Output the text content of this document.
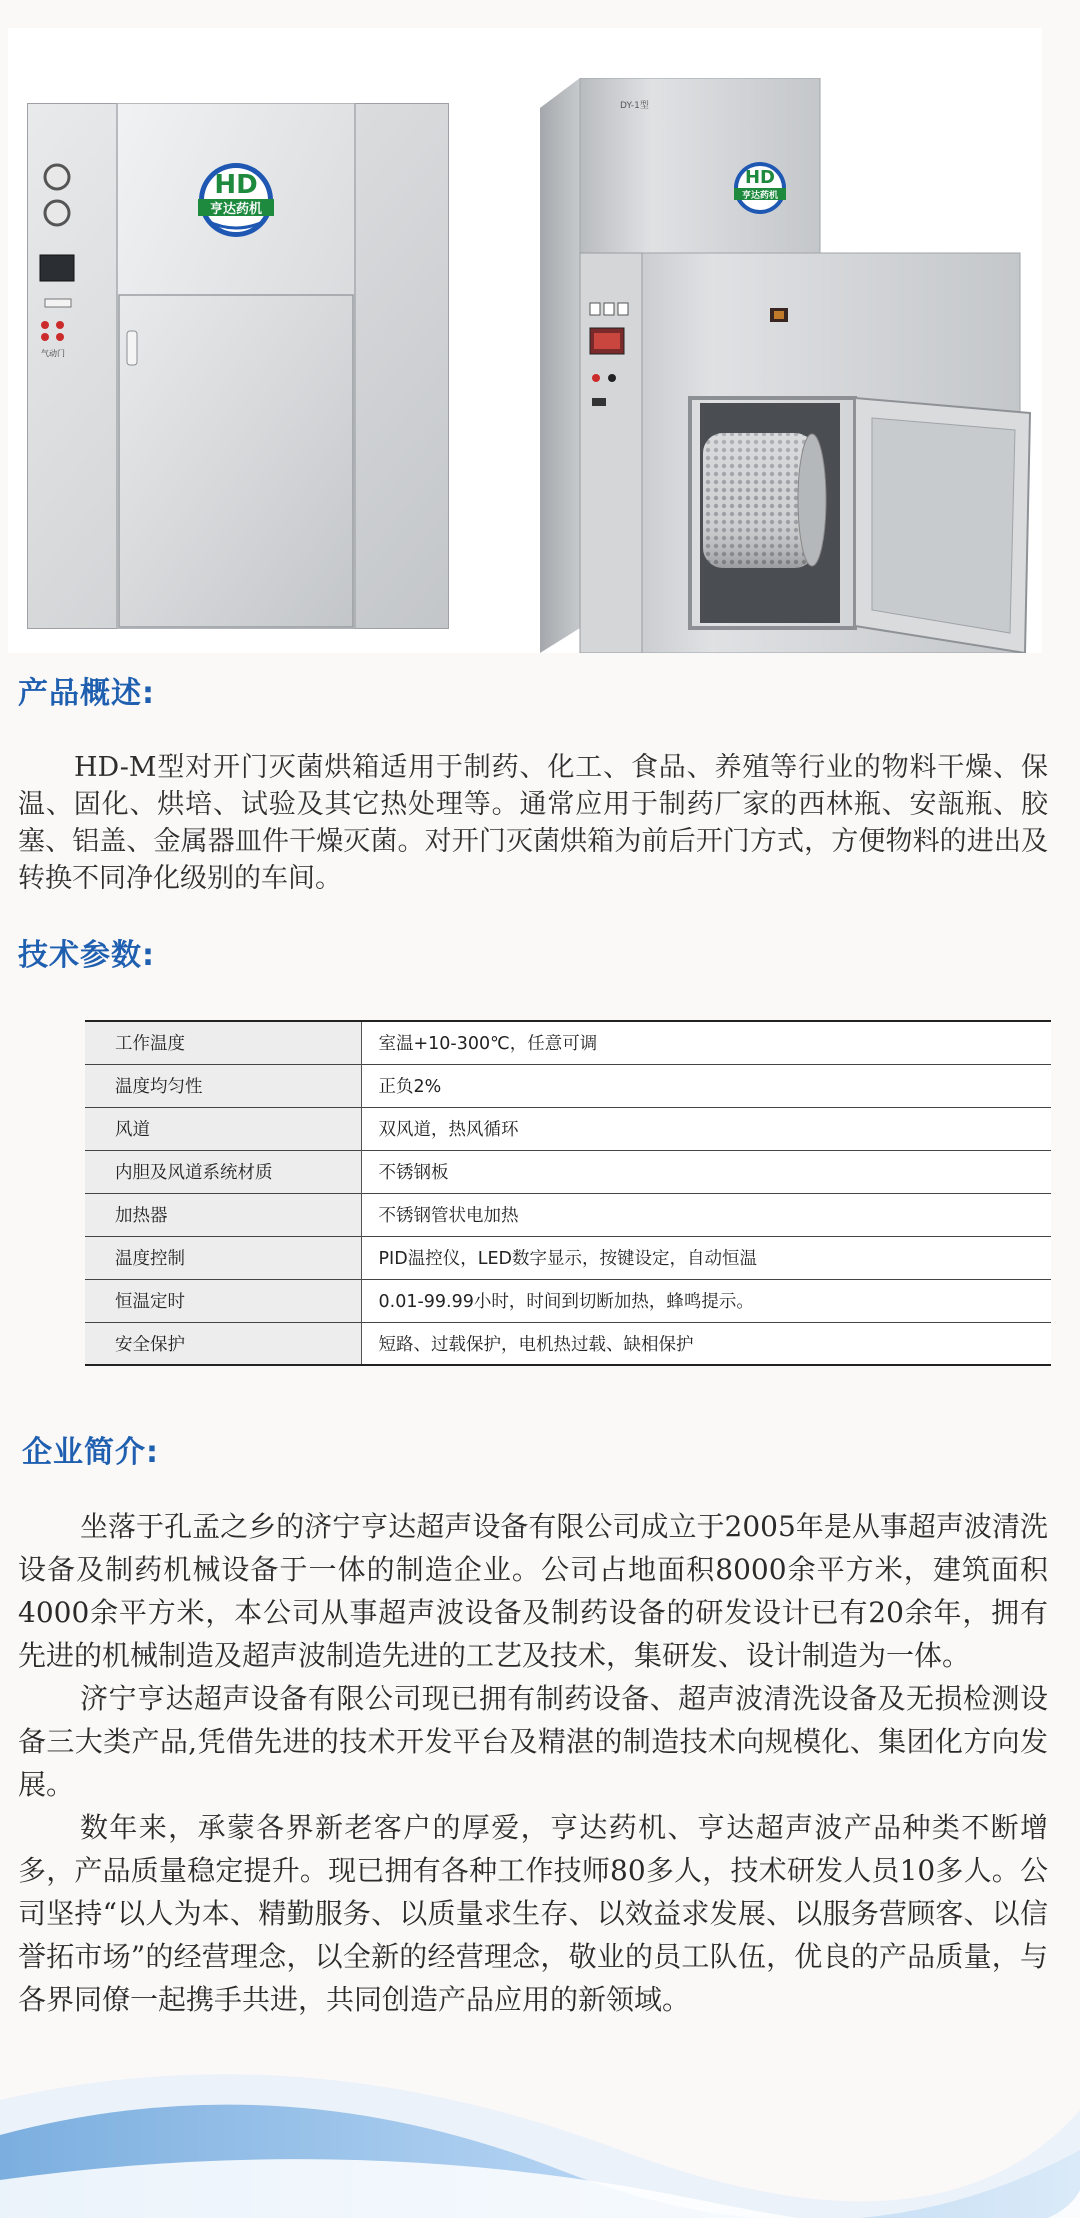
气动门
HD
亨达药机
DY-1型
HD
亨达药机
产品概述:
HD-M型对开门灭菌烘箱适用于制药、化工、食品、养殖等行业的物料干燥、保温、固化、烘培、试验及其它热处理等。通常应用于制药厂家的西林瓶、安瓿瓶、胶塞、铝盖、金属器皿件干燥灭菌。对开门灭菌烘箱为前后开门方式，方便物料的进出及转换不同净化级别的车间。
技术参数:
工作温度	室温+10-300℃，任意可调
温度均匀性	正负2%
风道	双风道，热风循环
内胆及风道系统材质	不锈钢板
加热器	不锈钢管状电加热
温度控制	PID温控仪，LED数字显示，按键设定，自动恒温
恒温定时	0.01-99.99小时，时间到切断加热，蜂鸣提示。
安全保护	短路、过载保护，电机热过载、缺相保护
企业简介:

坐落于孔孟之乡的济宁亨达超声设备有限公司成立于2005年是从事超声波清洗设备及制药机械设备于一体的制造企业。公司占地面积8000余平方米，建筑面积4000余平方米，本公司从事超声波设备及制药设备的研发设计已有20余年，拥有先进的机械制造及超声波制造先进的工艺及技术，集研发、设计制造为一体。

济宁亨达超声设备有限公司现已拥有制药设备、超声波清洗设备及无损检测设备三大类产品,凭借先进的技术开发平台及精湛的制造技术向规模化、集团化方向发展。

数年来，承蒙各界新老客户的厚爱，亨达药机、亨达超声波产品种类不断增多，产品质量稳定提升。现已拥有各种工作技师80多人，技术研发人员10多人。公司坚持“以人为本、精勤服务、以质量求生存、以效益求发展、以服务营顾客、以信誉拓市场”的经营理念，以全新的经营理念，敬业的员工队伍，优良的产品质量，与各界同僚一起携手共进，共同创造产品应用的新领域。
